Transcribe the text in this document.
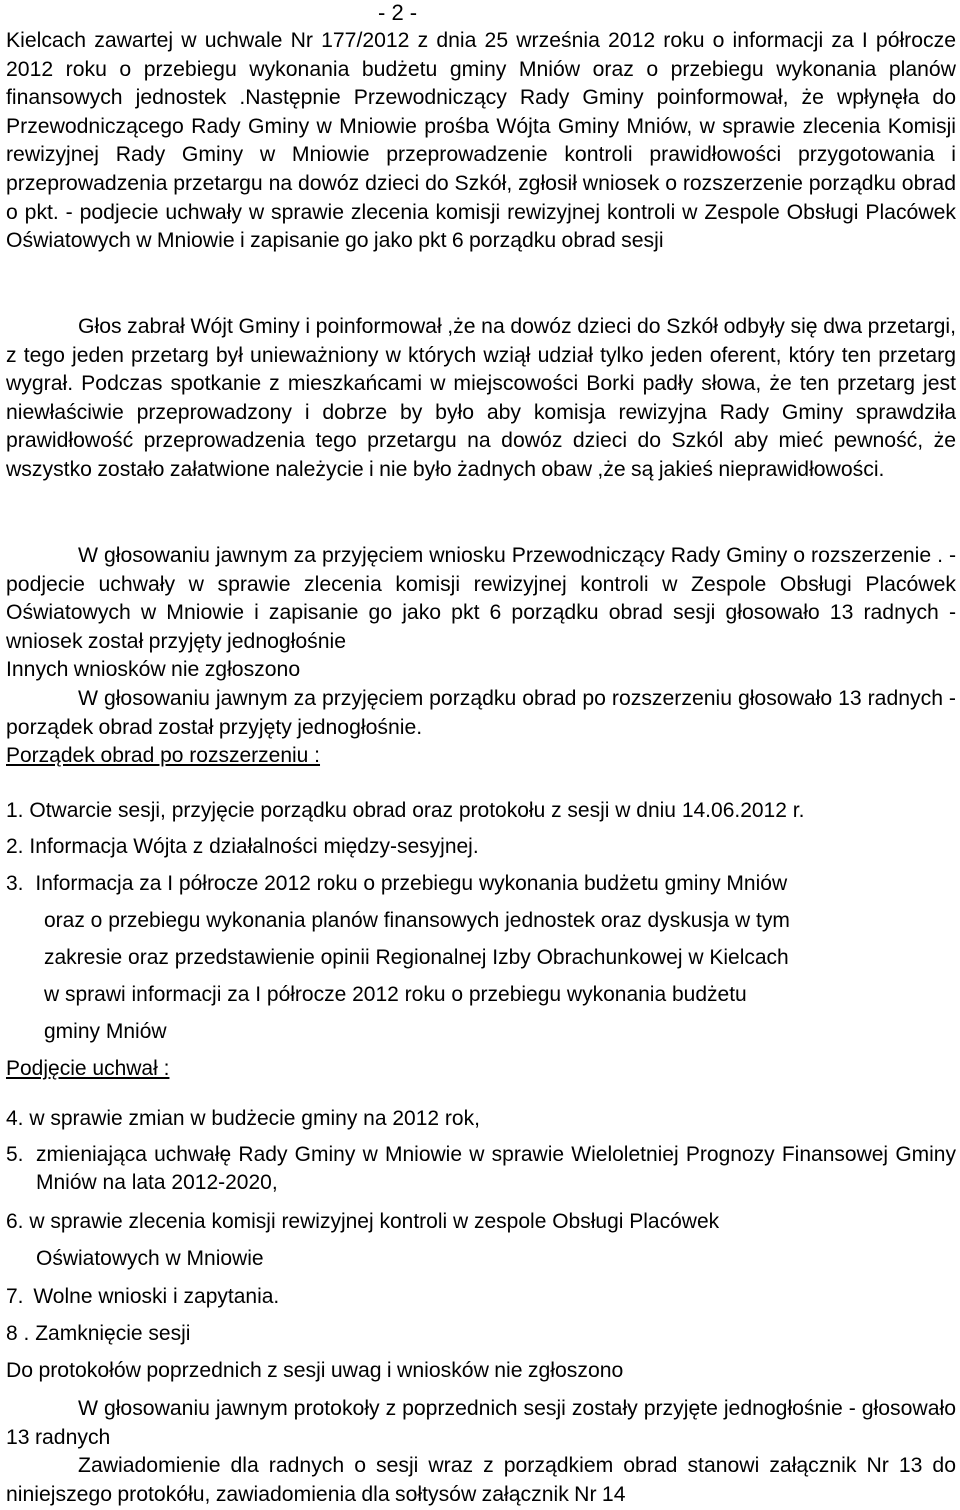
- 2 -

Kielcach zawartej w uchwale Nr 177/2012 z dnia 25 września 2012 roku o informacji za I półrocze 2012 roku o przebiegu wykonania budżetu gminy Mniów oraz o przebiegu wykonania planów finansowych jednostek .Następnie Przewodniczący Rady Gminy poinformował, że wpłynęła do Przewodniczącego Rady Gminy w Mniowie prośba Wójta Gminy Mniów, w sprawie zlecenia Komisji rewizyjnej Rady Gminy w Mniowie przeprowadzenie kontroli prawidłowości przygotowania i przeprowadzenia przetargu na dowóz dzieci do Szkół, zgłosił wniosek o rozszerzenie porządku obrad o pkt. - podjecie uchwały w sprawie zlecenia komisji rewizyjnej kontroli w Zespole Obsługi Placówek Oświatowych w Mniowie i zapisanie go jako pkt 6 porządku obrad sesji

Głos zabrał Wójt Gminy i poinformował ,że na dowóz dzieci do Szkół odbyły się dwa przetargi, z tego jeden przetarg był unieważniony w których wziął udział tylko jeden oferent, który ten przetarg wygrał. Podczas spotkanie z mieszkańcami w miejscowości Borki padły słowa, że ten przetarg jest niewłaściwie przeprowadzony i dobrze by było aby komisja rewizyjna Rady Gminy sprawdziła prawidłowość przeprowadzenia tego przetargu na dowóz dzieci do Szkól aby mieć pewność, że wszystko zostało załatwione należycie i nie było żadnych obaw ,że są jakieś nieprawidłowości.

W głosowaniu jawnym za przyjęciem wniosku Przewodniczący Rady Gminy o rozszerzenie . - podjecie uchwały w sprawie zlecenia komisji rewizyjnej kontroli w Zespole Obsługi Placówek Oświatowych w Mniowie i zapisanie go jako pkt 6 porządku obrad sesji głosowało 13 radnych - wniosek został przyjęty jednogłośnie

Innych wniosków nie zgłoszono

W głosowaniu jawnym za przyjęciem porządku obrad po rozszerzeniu głosowało 13 radnych - porządek obrad został przyjęty jednogłośnie.

Porządek obrad po rozszerzeniu :
1. Otwarcie sesji, przyjęcie porządku obrad oraz protokołu z sesji w dniu 14.06.2012 r.
2. Informacja Wójta z działalności między-sesyjnej.
3. Informacja za I półrocze 2012 roku o przebiegu wykonania budżetu gminy Mniów
oraz o przebiegu wykonania planów finansowych jednostek oraz dyskusja w tym
zakresie oraz przedstawienie opinii Regionalnej Izby Obrachunkowej w Kielcach
w sprawi informacji za I półrocze 2012 roku o przebiegu wykonania budżetu
gminy Mniów
Podjęcie uchwał :
4. w sprawie zmian w budżecie gminy na 2012 rok,
5. zmieniająca uchwałę Rady Gminy w Mniowie w sprawie Wieloletniej Prognozy Finansowej Gminy Mniów na lata 2012-2020,
6. w sprawie zlecenia komisji rewizyjnej kontroli w zespole Obsługi Placówek
Oświatowych w Mniowie
7. Wolne wnioski i zapytania.
8 . Zamknięcie sesji

Do protokołów poprzednich z sesji uwag i wniosków nie zgłoszono

W głosowaniu jawnym protokoły z poprzednich sesji zostały przyjęte jednogłośnie - głosowało 13 radnych

Zawiadomienie dla radnych o sesji wraz z porządkiem obrad stanowi załącznik Nr 13 do niniejszego protokółu, zawiadomienia dla sołtysów załącznik Nr 14
